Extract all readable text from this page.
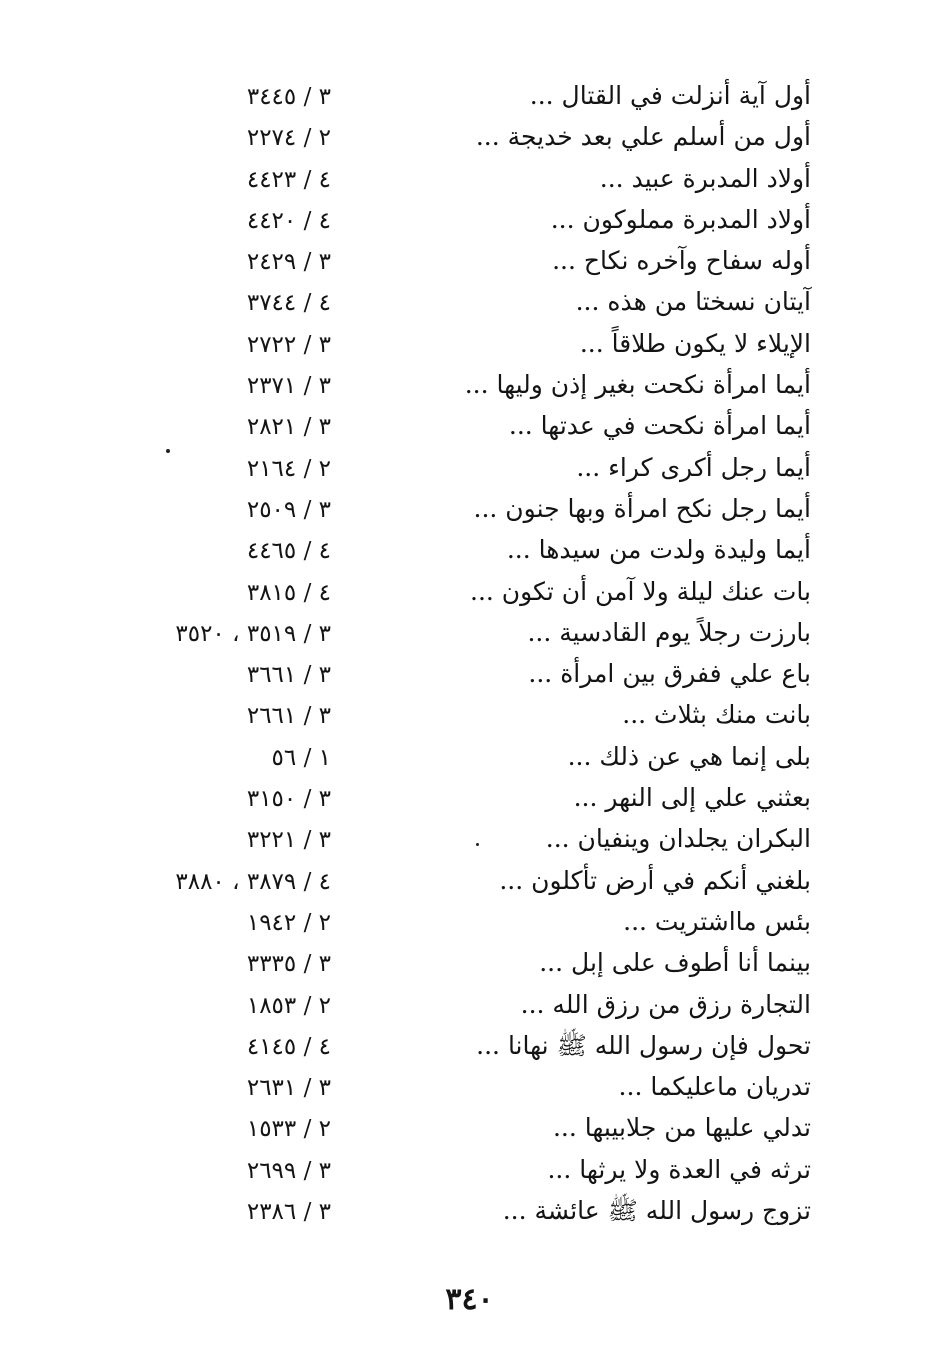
أول آية أنزلت في القتال ...
٣ / ٣٤٤٥
أول من أسلم علي بعد خديجة ...
٢ / ٢٢٧٤
أولاد المدبرة عبيد ...
٤ / ٤٤٢٣
أولاد المدبرة مملوكون ...
٤ / ٤٤٢٠
أوله سفاح وآخره نكاح ...
٣ / ٢٤٢٩
آيتان نسختا من هذه ...
٤ / ٣٧٤٤
الإيلاء لا يكون طلاقاً ...
٣ / ٢٧٢٢
أيما امرأة نكحت بغير إذن وليها ...
٣ / ٢٣٧١
أيما امرأة نكحت في عدتها ...
٣ / ٢٨٢١
أيما رجل أكرى كراء ...
٢ / ٢١٦٤
أيما رجل نكح امرأة وبها جنون ...
٣ / ٢٥٠٩
أيما وليدة ولدت من سيدها ...
٤ / ٤٤٦٥
بات عنك ليلة ولا آمن أن تكون ...
٤ / ٣٨١٥
بارزت رجلاً يوم القادسية ...
٣ / ٣٥١٩ ، ٣٥٢٠
باع علي ففرق بين امرأة ...
٣ / ٣٦٦١
بانت منك بثلاث ...
٣ / ٢٦٦١
بلى إنما هي عن ذلك ...
١ / ٥٦
بعثني علي إلى النهر ...
٣ / ٣١٥٠
البكران يجلدان وينفيان ...
٣ / ٣٢٢١
بلغني أنكم في أرض تأكلون ...
٤ / ٣٨٧٩ ، ٣٨٨٠
بئس مااشتريت ...
٢ / ١٩٤٢
بينما أنا أطوف على إبل ...
٣ / ٣٣٣٥
التجارة رزق من رزق الله ...
٢ / ١٨٥٣
تحول فإن رسول الله ﷺ نهانا ...
٤ / ٤١٤٥
تدريان ماعليكما ...
٣ / ٢٦٣١
تدلي عليها من جلابيبها ...
٢ / ١٥٣٣
ترثه في العدة ولا يرثها ...
٣ / ٢٦٩٩
تزوج رسول الله ﷺ عائشة ...
٣ / ٢٣٨٦
٣٤٠
